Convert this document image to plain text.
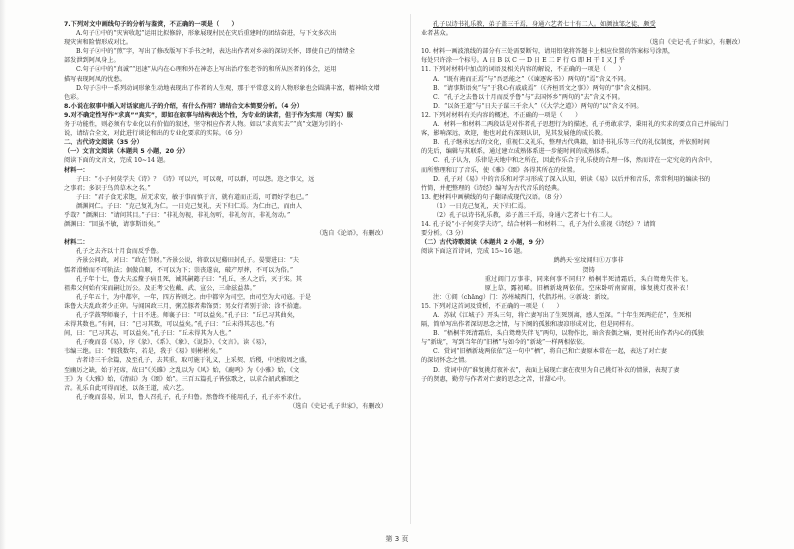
7.下列对文中画线句子的分析与鉴赏，不正确的一项是（　　）
A.句子①中的“灾害收起”运用比拟修辞，形象展现村民在灾后重建时的团结奋进，与下文多次出
现灾害和险情形成对比。
B.句子②中的“煎”字，写出了修改版写下手书之时，表达出作者对乡亲的深切关怀，即使自己的情绪全
部发泄到阿凤身上。
C.句子④中的“真诚”“迅速”从内在心理和外在神态上写出治疗张老爷的和所从医者的体会，运用
描写表现阿凤的忧愁。
D.句子⑤中一系列动词形象生动地表现出了作者的人生观，那于平常意义的人物形象也会圆满丰富，精神给文增
色彩。
8.小说在叙事中插入对话家庭儿子的介绍，有什么作用？请结合文本简要分析。（4 分）
9.对不确定性写作“求真”“真实”，即如在叙事与结构表达个性，为专业的读者，但于作为实用（写实）服
务于功能性，则必须有专业化以有价值的叙述，坚守相应作者人物。如以“求真实去”“真”文题为引的小
说，请结合全文，对此进行谈论和出的专业化要求的实际。（6 分）
二、古代诗文阅读（35 分）
（一）文言文阅读（本题共 5 小题，20 分）
阅读下面的文言文，完成 10~14 题。
材料一：
子曰：“小子何莫学夫《诗》？《诗》可以兴，可以观，可以群，可以怨。迩之事父，远
之事君；多识于鸟兽草木之名。”
子曰：“君子食无求饱，居无求安，敏于事而慎于言，就有道而正焉，可谓好学也已。”
颜渊问仁。子曰：“克己复礼为仁。一日克己复礼，天下归仁焉。为仁由己，而由人
乎哉？”颜渊曰：“请问其目。”子曰：“非礼勿视，非礼勿听，非礼勿言，非礼勿动。”
颜渊曰：“回虽不敏，请事斯语矣。”
（选自《论语》，有删改）
材料二：
孔子之去齐以十月食而反乎鲁。
齐景公问政，对曰：“政在节财。”齐景公说，将欲以尼谿田封孔子。晏婴进曰：“夫
儒者滑稽而不可轨法；倨傲自顺，不可以为下；崇丧遂哀，破产厚葬，不可以为俗。”
孔子年十七，鲁大夫孟釐子病且死，诫其嗣懿子曰：“孔丘，圣人之后，灭于宋。其
祖弗父何始有宋而嗣让厉公。及正考父佐戴、武、宣公，三命兹益恭。”
孔子年五十，为中都宰，一年，四方皆则之。由中都宰为司空，由司空为大司寇。于是
诛鲁大夫乱政者少正卯。与闻国政三月，粥羔豚者弗饰贾；男女行者别于涂；涂不拾遗。
孔子学鼓琴师襄子，十日不进。师襄子曰：“可以益矣。”孔子曰：“丘已习其曲矣，
未得其数也。”有间，曰：“已习其数，可以益矣。”孔子曰：“丘未得其志也。”有
间，曰：“已习其志，可以益矣。”孔子曰：“丘未得其为人也。”
孔子晚而喜《易》，序《彖》、《系》、《象》、《说卦》、《文言》。读《易》，
韦编三绝。曰：“假我数年，若是，我于《易》则彬彬矣。”
古者诗三千余篇，及至孔子，去其重，取可施于礼义，上采契、后稷，中述殷周之盛，
至幽厉之缺，始于衽席，故曰“《关雎》之乱以为《风》始，《鹿鸣》为《小雅》始，《文
王》为《大雅》始，《清庙》为《颂》始”。三百五篇孔子皆弦歌之，以求合韶武雅颂之
音。礼乐自此可得而述，以备王道，成六艺。
孔子晚而喜易，居卫，鲁人召孔子，孔子归鲁。然鲁终不能用孔子，孔子亦不求仕。
（选自《史记·孔子世家》，有删改）
孔子以诗书礼乐教，弟子盖三千焉，身通六艺者七十有二人。如颜浊邹之徒，颇受
业者甚众。
（选自《史记·孔子世家》，有删改）
10. 材料一画波浪线的部分有三处需要断句，请用铅笔将答题卡上相应位置的答案标号涂黑，
每处只许涂一个标号。A 日 B 以 C 一 D 日 E 二 F 行 G 即 H 干 I 又 J 乎
11. 下列对材料中加点的词语及相关内容的解说，不正确的一项是（　　）
A．“既有淹而正焉”与“吾恶能之”（《谏逐客书》）两句的“焉”含义不同。
B．“请事斯语矣”与“于我心有戚戚焉”（《齐桓晋文之事》）两句的“事”含义相同。
C．“孔子之去鲁以十月而反乎鲁”与“去国怀乡”两句的“去”含义不同。
D．“以备王道”与“日夫子谋三千余人”（《大学之道》）两句的“以”含义不同。
12. 下列对材料有关内容的概述，不正确的一项是（　　）
A．材料一和材料二两段话是对作者孔子思想行为的描述，孔子勇敢求学，秉用礼的实求的要点自己并展出门
客，影响深远，欢迎，他也对此有深刻认识，见其发展他的成长教。
B．孔子继承远古的文化，重视仁义礼乐，整理古代典籍，如诗书礼乐等三代的礼仪制度，并依照时间
的先后，编辑与其联系，通过建立成熟体系进一步能时间的成熟体系。
C．孔子认为，乐律是天地中和之所在，因此作乐合于礼乐使的合理一体，然而诗在一定究竟的内含中，
而所整理和订了音乐，使《雅》《颂》各得其所在的位置。
D．孔子对《易》中的音乐和对学习形成了深入认知，研读《易》以后并和音乐，常常利用的编读书的
竹简，并把整理的《诗经》编写为古代音乐的经典。
13. 把材料中画横线的句子翻译成现代汉语。（8 分）
（1）一日克己复礼，天下归仁焉。
（2）孔子以诗书礼乐教，弟子盖三千焉，身通六艺者七十有二人。
14. 孔子说“小子何莫学夫诗”，结合材料一和材料二，孔子为什么重视《诗经》？请简
要分析。（3 分）
（二）古代诗歌阅读（本题共 2 小题，9 分）
阅读下面这首诗词，完成 15~16 题。
鹧鸪天·室坟闻归①万事非
贺铸
重过阊门万事非，同来何事不同归？梧桐半死清霜后，头白鸳鸯失伴飞。
原上草，露初晞。旧栖新垅两依依。空床卧听南窗雨，谁复挑灯夜补衣！
注：①阊（chāng）门：苏州城西门，代指苏州。②新垅：新坟。
15. 下列对这首词及赏析，不正确的一项是（　　）
A．苏轼《江城子》开头三句，将亡妻写出了生死别离，感人至深。“十年生死两茫茫”，生死相
隔，简单写出作者深切思念之情，与下阕的孤独和凄凉形成对比，但是同样有。
B．“梧桐半死清霜后，头白鸳鸯失伴飞”两句，以物作比，暗含丧偶之痛，更衬托出作者内心的孤独
与“新垅”，写到当年的“旧栖”与如今的“新垅”一样两相依依。
C．赏词“旧栖新垅两依依”这一句中“栖”，将自己和亡妻原本常在一起，表达了对亡妻
的深切怀念之情。
D．赏词中的“谁复挑灯夜补衣”，表面上展现亡妻在夜里为自己挑灯补衣的情景，表现了妻
子的贤惠，勤劳与作者对亡妻的思念之苦，甘甜心中。
第 3 页
